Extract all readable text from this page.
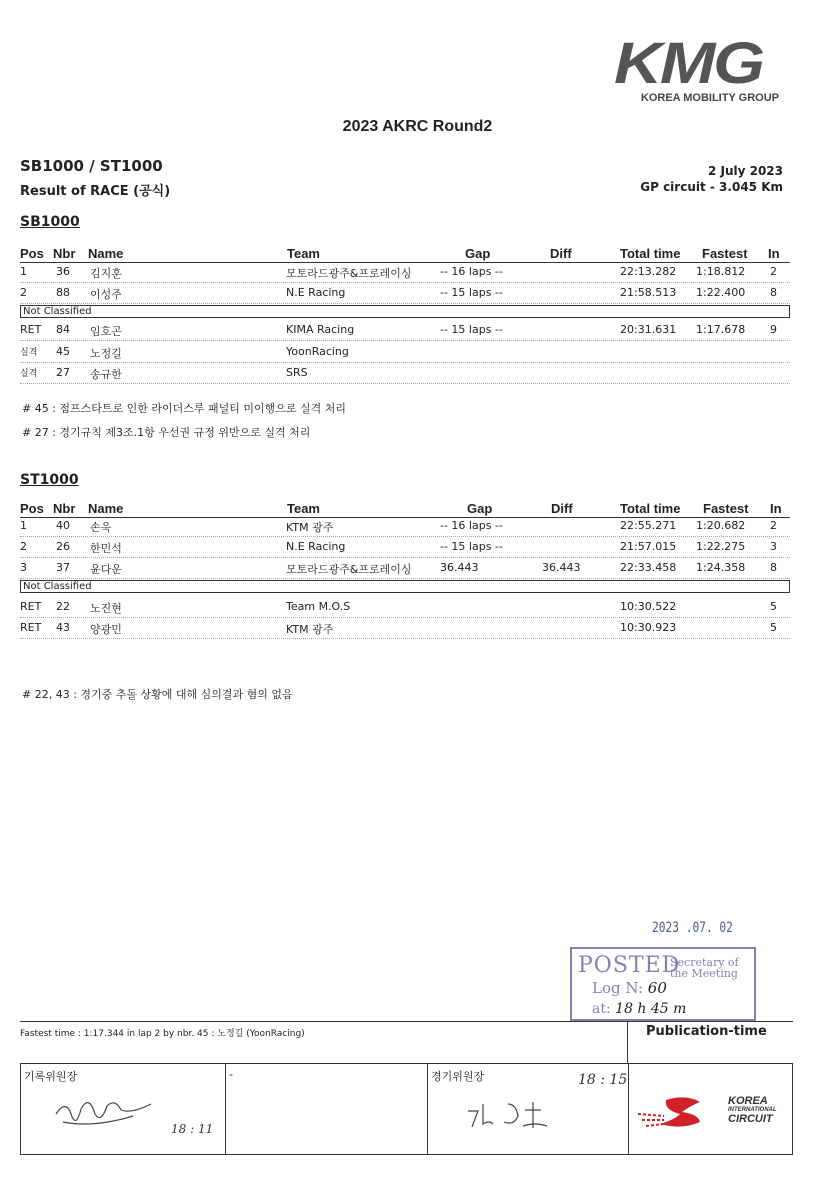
KMG
KOREA MOBILITY GROUP
2023 AKRC Round2
SB1000 / ST1000
Result of RACE (공식)
2 July 2023
GP circuit - 3.045 Km
SB1000
Pos Nbr Name	Team	Gap	Diff	Total time Fastest In
1	36 김지훈	모토라드광주&프로레이싱	-- 16 laps --	22:13.282 1:18.812 2
2	88 이성주	N.E Racing	-- 15 laps --	21:58.513 1:22.400 8
Not Classified
RET 84 임호곤	KIMA Racing	-- 15 laps --	20:31.631 1:17.678 9
실격 45 노정길	YoonRacing
실격 27 송규한	SRS
# 45 : 점프스타트로 인한 라이더스루 패널티 미이행으로 실격 처리
# 27 : 경기규칙 제3조.1항 우선권 규정 위반으로 실격 처리
ST1000
Pos Nbr Name	Team	Gap	Diff	Total time Fastest In
1	40 손욱	KTM 광주	-- 16 laps --	22:55.271 1:20.682 2
2	26 한민석	N.E Racing	-- 15 laps --	21:57.015 1:22.275 3
3	37 윤다운	모토라드광주&프로레이싱	36.443	36.443	22:33.458 1:24.358 8
Not Classified
RET 22 노진현	Team M.O.S	10:30.522	5
RET 43 양광민	KTM 광주	10:30.923	5
# 22, 43 : 경기중 추돌 상황에 대해 심의결과 혐의 없음
2023 .07. 02
POSTED
Secretary of the Meeting
Log N: 60
at: 18 h 45 m
Fastest time : 1:17.344 in lap 2 by nbr. 45 : 노정길 (YoonRacing)	Publication-time
기록위원장
18 : 11
-	경기위원장	18 : 15
KOREA
INTERNATIONAL
CIRCUIT
